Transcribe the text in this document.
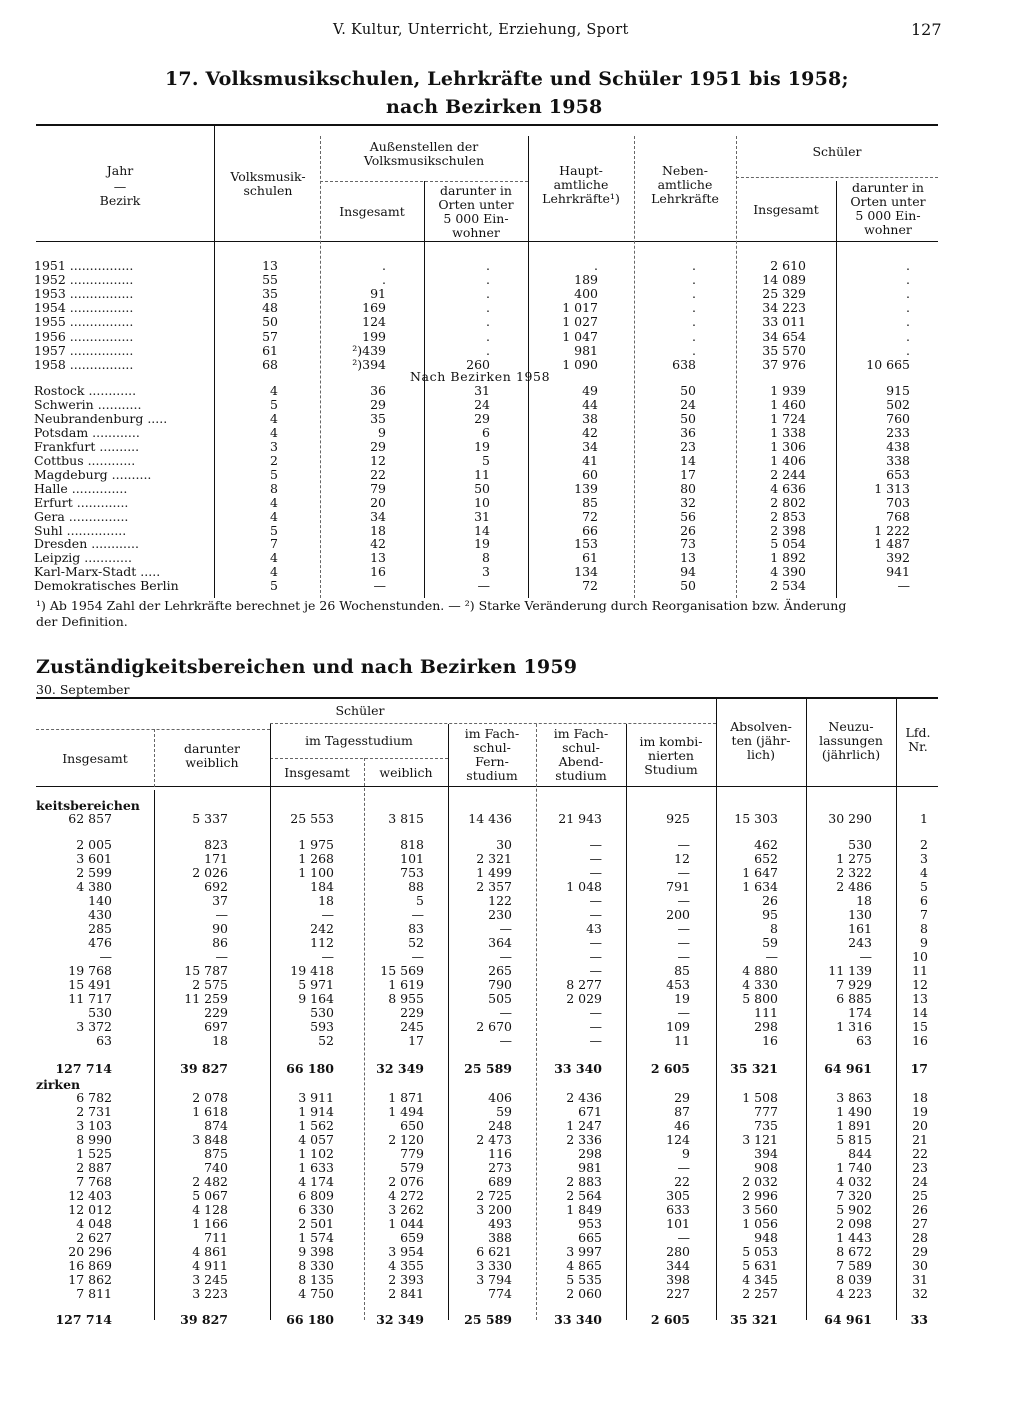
V. Kultur, Unterricht, Erziehung, Sport	127
17. Volksmusikschulen, Lehrkräfte und Schüler 1951 bis 1958;
nach Bezirken 1958
Jahr
—
Bezirk
Volksmusik-
schulen
Außenstellen der
Volksmusikschulen
Insgesamt
darunter in
Orten unter
5 000 Ein-
wohner
Haupt-
amtliche
Lehrkräfte¹)
Neben-
amtliche
Lehrkräfte
Schüler
Insgesamt
darunter in
Orten unter
5 000 Ein-
wohner
1951 ................	13	.	.	.	.	2 610	.
1952 ................	55	.	.	189	.	14 089	.
1953 ................	35	91	.	400	.	25 329	.
1954 ................	48	169	.	1 017	.	34 223	.
1955 ................	50	124	.	1 027	.	33 011	.
1956 ................	57	199	.	1 047	.	34 654	.
1957 ................	61	²)439	.	981	.	35 570	.
1958 ................	68	²)394	260	1 090	638	37 976	10 665
Nach Bezirken 1958
Rostock ............	4	36	31	49	50	1 939	915
Schwerin ...........	5	29	24	44	24	1 460	502
Neubrandenburg .....	4	35	29	38	50	1 724	760
Potsdam ............	4	9	6	42	36	1 338	233
Frankfurt ..........	3	29	19	34	23	1 306	438
Cottbus ............	2	12	5	41	14	1 406	338
Magdeburg ..........	5	22	11	60	17	2 244	653
Halle ..............	8	79	50	139	80	4 636	1 313
Erfurt .............	4	20	10	85	32	2 802	703
Gera ...............	4	34	31	72	56	2 853	768
Suhl ...............	5	18	14	66	26	2 398	1 222
Dresden ............	7	42	19	153	73	5 054	1 487
Leipzig ............	4	13	8	61	13	1 892	392
Karl-Marx-Stadt .....	4	16	3	134	94	4 390	941
Demokratisches Berlin	5	—	—	72	50	2 534	—
¹) Ab 1954 Zahl der Lehrkräfte berechnet je 26 Wochenstunden. — ²) Starke Veränderung durch Reorganisation bzw. Änderung
der Definition.
Zuständigkeitsbereichen und nach Bezirken 1959
30. September
Insgesamt
darunter
weiblich
Schüler
im Tagesstudium
Insgesamt	weiblich
im Fach-
schul-
Fern-
studium
im Fach-
schul-
Abend-
studium
im kombi-
nierten
Studium
Absolven-
ten (jähr-
lich)
Neuzu-
lassungen
(jährlich)
Lfd.
Nr.
keitsbereichen
zirken
62 857	5 337	25 553	3 815	14 436	21 943	925	15 303	30 290	1
2 005	823	1 975	818	30	—	—	462	530	2
3 601	171	1 268	101	2 321	—	12	652	1 275	3
2 599	2 026	1 100	753	1 499	—	—	1 647	2 322	4
4 380	692	184	88	2 357	1 048	791	1 634	2 486	5
140	37	18	5	122	—	—	26	18	6
430	—	—	—	230	—	200	95	130	7
285	90	242	83	—	43	—	8	161	8
476	86	112	52	364	—	—	59	243	9
—	—	—	—	—	—	—	—	—	10
19 768	15 787	19 418	15 569	265	—	85	4 880	11 139	11
15 491	2 575	5 971	1 619	790	8 277	453	4 330	7 929	12
11 717	11 259	9 164	8 955	505	2 029	19	5 800	6 885	13
530	229	530	229	—	—	—	111	174	14
3 372	697	593	245	2 670	—	109	298	1 316	15
63	18	52	17	—	—	11	16	63	16
127 714	39 827	66 180	32 349	25 589	33 340	2 605	35 321	64 961	17
6 782	2 078	3 911	1 871	406	2 436	29	1 508	3 863	18
2 731	1 618	1 914	1 494	59	671	87	777	1 490	19
3 103	874	1 562	650	248	1 247	46	735	1 891	20
8 990	3 848	4 057	2 120	2 473	2 336	124	3 121	5 815	21
1 525	875	1 102	779	116	298	9	394	844	22
2 887	740	1 633	579	273	981	—	908	1 740	23
7 768	2 482	4 174	2 076	689	2 883	22	2 032	4 032	24
12 403	5 067	6 809	4 272	2 725	2 564	305	2 996	7 320	25
12 012	4 128	6 330	3 262	3 200	1 849	633	3 560	5 902	26
4 048	1 166	2 501	1 044	493	953	101	1 056	2 098	27
2 627	711	1 574	659	388	665	—	948	1 443	28
20 296	4 861	9 398	3 954	6 621	3 997	280	5 053	8 672	29
16 869	4 911	8 330	4 355	3 330	4 865	344	5 631	7 589	30
17 862	3 245	8 135	2 393	3 794	5 535	398	4 345	8 039	31
7 811	3 223	4 750	2 841	774	2 060	227	2 257	4 223	32
127 714	39 827	66 180	32 349	25 589	33 340	2 605	35 321	64 961	33
